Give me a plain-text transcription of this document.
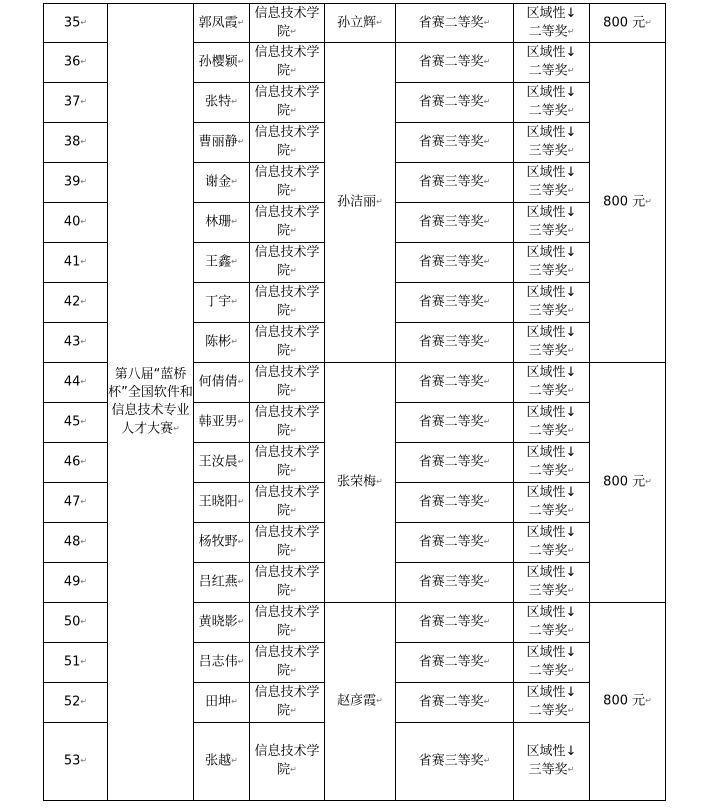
35 ↵	第八届“蓝桥杯”全国软件和信息技术专业人才大赛 ↵	郭凤霞 ↵	信息技术学
院 ↵	孙立辉 ↵	省赛二等奖 ↵	区域性↓
二等奖 ↵	800 元 ↵
36 ↵		孙樱颖 ↵	信息技术学
院 ↵	孙洁丽 ↵	省赛二等奖 ↵	区域性↓
二等奖 ↵	800 元 ↵
37 ↵		张特 ↵	信息技术学
院 ↵		省赛二等奖 ↵	区域性↓
二等奖 ↵
38 ↵		曹丽静 ↵	信息技术学
院 ↵		省赛三等奖 ↵	区域性↓
三等奖 ↵
39 ↵		谢金 ↵	信息技术学
院 ↵		省赛三等奖 ↵	区域性↓
三等奖 ↵
40 ↵		林珊 ↵	信息技术学
院 ↵		省赛三等奖 ↵	区域性↓
三等奖 ↵
41 ↵		王鑫 ↵	信息技术学
院 ↵		省赛三等奖 ↵	区域性↓
三等奖 ↵
42 ↵		丁宇 ↵	信息技术学
院 ↵		省赛三等奖 ↵	区域性↓
三等奖 ↵
43 ↵		陈彬 ↵	信息技术学
院 ↵		省赛三等奖 ↵	区域性↓
三等奖 ↵
44 ↵		何倩倩 ↵	信息技术学
院 ↵	张荣梅 ↵	省赛二等奖 ↵	区域性↓
二等奖 ↵	800 元 ↵
45 ↵		韩亚男 ↵	信息技术学
院 ↵		省赛二等奖 ↵	区域性↓
二等奖 ↵
46 ↵		王汝晨 ↵	信息技术学
院 ↵		省赛二等奖 ↵	区域性↓
二等奖 ↵
47 ↵		王晓阳 ↵	信息技术学
院 ↵		省赛二等奖 ↵	区域性↓
二等奖 ↵
48 ↵		杨牧野 ↵	信息技术学
院 ↵		省赛二等奖 ↵	区域性↓
二等奖 ↵
49 ↵		吕红燕 ↵	信息技术学
院 ↵		省赛三等奖 ↵	区域性↓
三等奖 ↵
50 ↵		黄晓影 ↵	信息技术学
院 ↵	赵彦霞 ↵	省赛二等奖 ↵	区域性↓
二等奖 ↵	800 元 ↵
51 ↵		吕志伟 ↵	信息技术学
院 ↵		省赛二等奖 ↵	区域性↓
二等奖 ↵
52 ↵		田坤 ↵	信息技术学
院 ↵		省赛二等奖 ↵	区域性↓
二等奖 ↵
53 ↵		张越 ↵	信息技术学
院 ↵		省赛三等奖 ↵	区域性↓
三等奖 ↵
